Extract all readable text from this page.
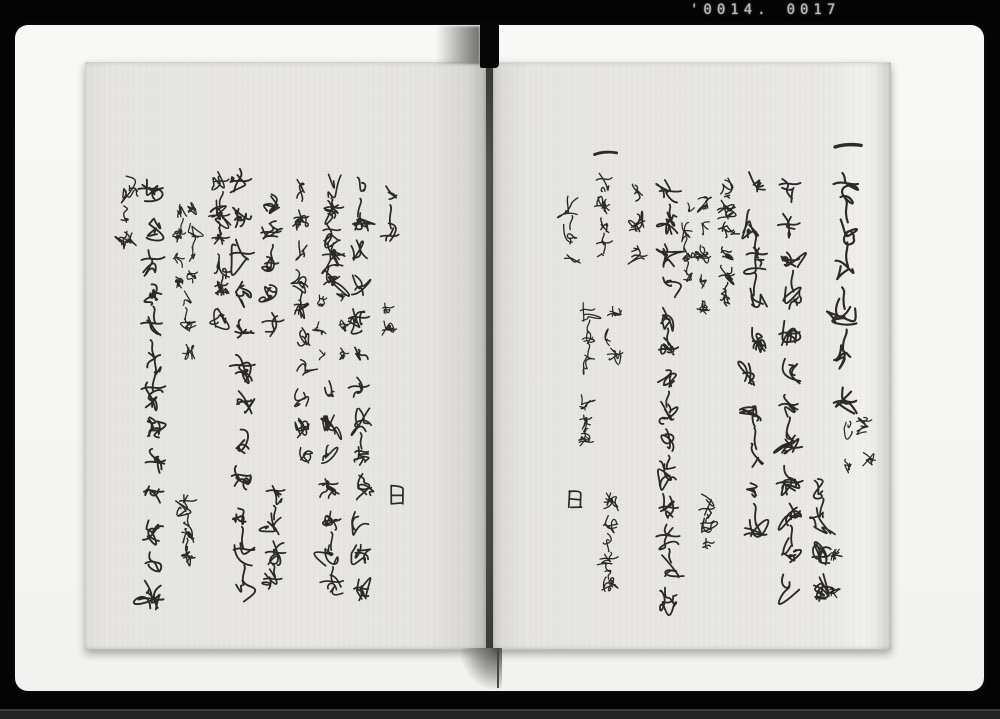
'0014. 0017
